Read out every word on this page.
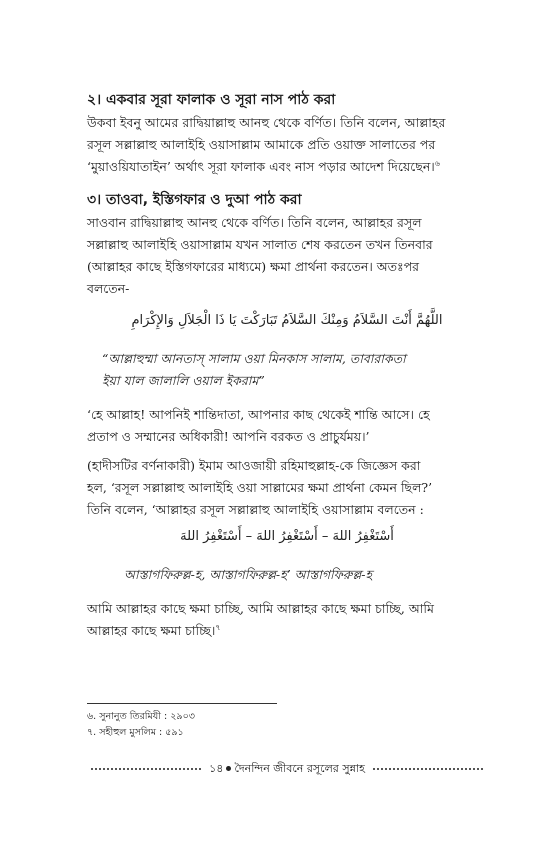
২। একবার সূরা ফালাক ও সূরা নাস পাঠ করা
উকবা ইবনু আমের রাদ্বিয়াল্লাহু আনহু থেকে বর্ণিত। তিনি বলেন, আল্লাহর
রসূল সল্লাল্লাহু আলাইহি ওয়াসাল্লাম আমাকে প্রতি ওয়াক্ত সালাতের পর
‘মুয়াওয়িযাতাইন’ অর্থাৎ সূরা ফালাক এবং নাস পড়ার আদেশ দিয়েছেন।$^৬$
৩। তাওবা, ইস্তিগফার ও দুআ পাঠ করা
সাওবান রাদ্বিয়াল্লাহু আনহু থেকে বর্ণিত। তিনি বলেন, আল্লাহর রসূল
সল্লাল্লাহু আলাইহি ওয়াসাল্লাম যখন সালাত শেষ করতেন তখন তিনবার
(আল্লাহর কাছে ইস্তিগফারের মাধ্যমে) ক্ষমা প্রার্থনা করতেন। অতঃপর
বলতেন-
اللَّهُمَّ أَنْتَ السَّلاَمُ وَمِنْكَ السَّلاَمُ تَبَارَكْتَ يَا ذَا الْجَلاَلِ وَالإِكْرَامِ
“আল্লাহুম্মা আনতাস্ সালাম ওয়া মিনকাস সালাম, তাবারাকতা
ইয়া যাল জালালি ওয়াল ইকরাম”
‘হে আল্লাহ! আপনিই শান্তিদাতা, আপনার কাছ থেকেই শান্তি আসে। হে
প্রতাপ ও সম্মানের অধিকারী! আপনি বরকত ও প্রাচুর্যময়।’
(হাদীসটির বর্ণনাকারী) ইমাম আওজায়ী রহিমাহুল্লাহ-কে জিজ্ঞেস করা
হল, ‘রসূল সল্লাল্লাহু আলাইহি ওয়া সাল্লামের ক্ষমা প্রার্থনা কেমন ছিল?’
তিনি বলেন, ‘আল্লাহর রসূল সল্লাল্লাহু আলাইহি ওয়াসাল্লাম বলতেন :
أَسْتَغْفِرُ اللهَ – أَسْتَغْفِرُ اللهَ – أَسْتَغْفِرُ اللهَ
আস্তাগফিরুল্ল-হ, আস্তাগফিরুল্ল-হ’ আস্তাগফিরুল্ল-হ
আমি আল্লাহর কাছে ক্ষমা চাচ্ছি, আমি আল্লাহর কাছে ক্ষমা চাচ্ছি, আমি
আল্লাহর কাছে ক্ষমা চাচ্ছি।$^৭$
৬. সুনানুত তিরমিযী : ২৯০৩
৭. সহীহুল মুসলিম : ৫৯১
১৪ দৈনন্দিন জীবনে রসূলের সুন্নাহ
